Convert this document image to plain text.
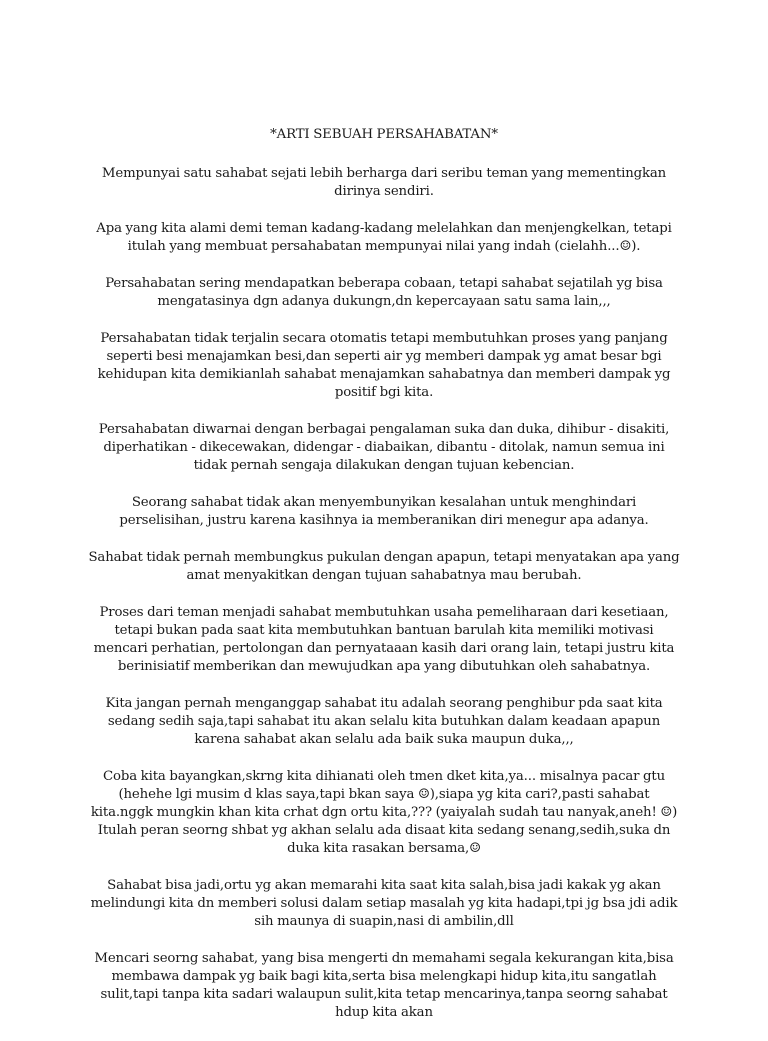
*ARTI SEBUAH PERSAHABATAN*

Mempunyai satu sahabat sejati lebih berharga dari seribu teman yang mementingkan dirinya sendiri.

Apa yang kita alami demi teman kadang-kadang melelahkan dan menjengkelkan, tetapi itulah yang membuat persahabatan mempunyai nilai yang indah (cielahh...☺).

Persahabatan sering mendapatkan beberapa cobaan, tetapi sahabat sejatilah yg bisa mengatasinya dgn adanya dukungn,dn kepercayaan satu sama lain,,,

Persahabatan tidak terjalin secara otomatis tetapi membutuhkan proses yang panjang seperti besi menajamkan besi,dan seperti air yg memberi dampak yg amat besar bgi kehidupan kita demikianlah sahabat menajamkan sahabatnya dan memberi dampak yg positif bgi kita.

Persahabatan diwarnai dengan berbagai pengalaman suka dan duka, dihibur - disakiti, diperhatikan - dikecewakan, didengar - diabaikan, dibantu - ditolak, namun semua ini tidak pernah sengaja dilakukan dengan tujuan kebencian.

Seorang sahabat tidak akan menyembunyikan kesalahan untuk menghindari perselisihan, justru karena kasihnya ia memberanikan diri menegur apa adanya.

Sahabat tidak pernah membungkus pukulan dengan apapun, tetapi menyatakan apa yang amat menyakitkan dengan tujuan sahabatnya mau berubah.

Proses dari teman menjadi sahabat membutuhkan usaha pemeliharaan dari kesetiaan, tetapi bukan pada saat kita membutuhkan bantuan barulah kita memiliki motivasi mencari perhatian, pertolongan dan pernyataaan kasih dari orang lain, tetapi justru kita berinisiatif memberikan dan mewujudkan apa yang dibutuhkan oleh sahabatnya.

Kita jangan pernah menganggap sahabat itu adalah seorang penghibur pda saat kita sedang sedih saja,tapi sahabat itu akan selalu kita butuhkan dalam keadaan apapun karena sahabat akan selalu ada baik suka maupun duka,,,

Coba kita bayangkan,skrng kita dihianati oleh tmen dket kita,ya... misalnya pacar gtu (hehehe lgi musim d klas saya,tapi bkan saya ☺),siapa yg kita cari?,pasti sahabat kita.nggk mungkin khan kita crhat dgn ortu kita,??? (yaiyalah sudah tau nanyak,aneh! ☺) Itulah peran seorng shbat yg akhan selalu ada disaat kita sedang senang,sedih,suka dn duka kita rasakan bersama,☺

Sahabat bisa jadi,ortu yg akan memarahi kita saat kita salah,bisa jadi kakak yg akan melindungi kita dn memberi solusi dalam setiap masalah yg kita hadapi,tpi jg bsa jdi adik sih maunya di suapin,nasi di ambilin,dll

Mencari seorng sahabat, yang bisa mengerti dn memahami segala kekurangan kita,bisa membawa dampak yg baik bagi kita,serta bisa melengkapi hidup kita,itu sangatlah sulit,tapi tanpa kita sadari walaupun sulit,kita tetap mencarinya,tanpa seorng sahabat hdup kita akan
